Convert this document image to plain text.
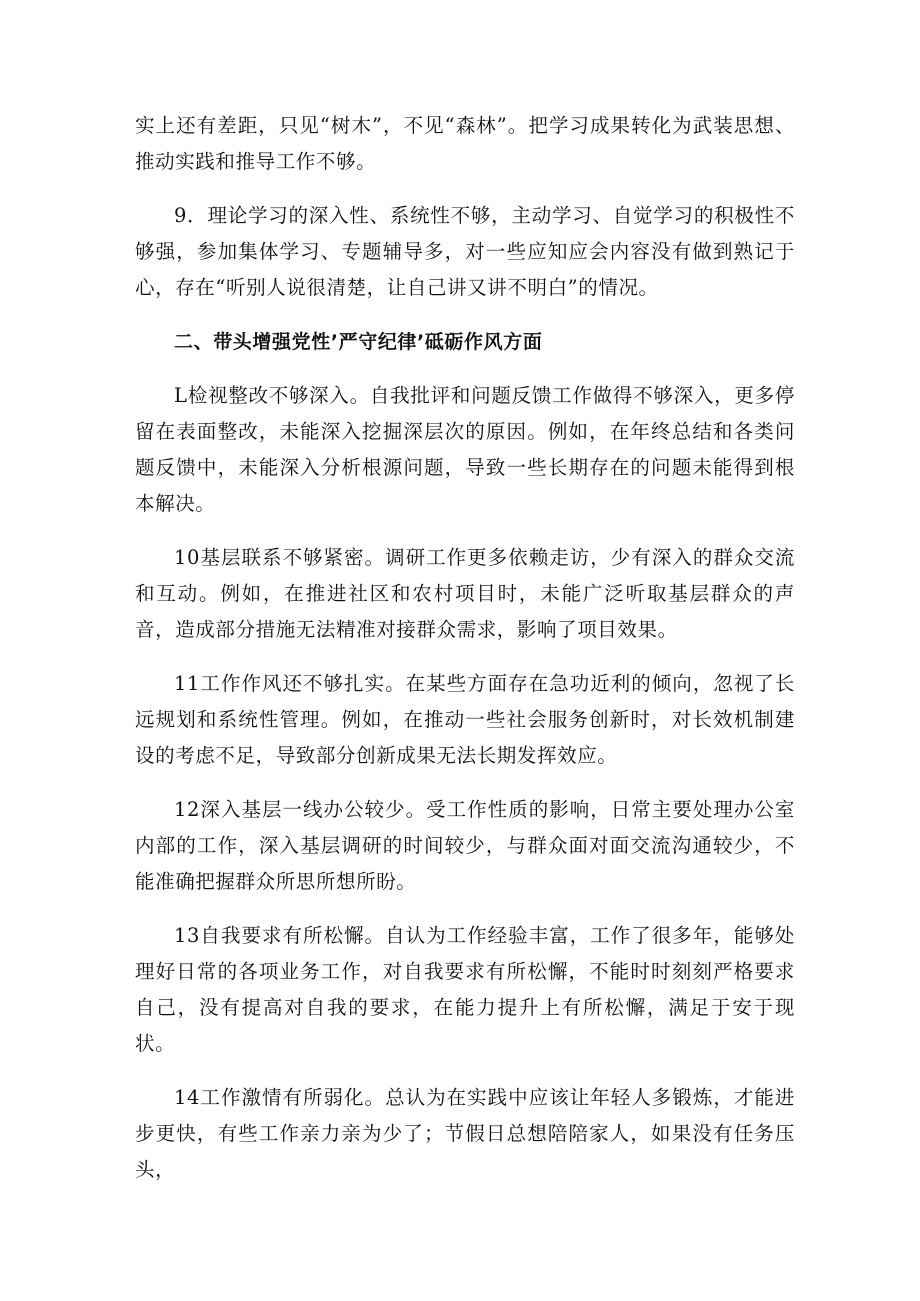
实上还有差距，只见“树木”，不见“森林”。把学习成果转化为武装思想、推动实践和推导工作不够。

9．理论学习的深入性、系统性不够，主动学习、自觉学习的积极性不够强，参加集体学习、专题辅导多，对一些应知应会内容没有做到熟记于心，存在“听别人说很清楚，让自己讲又讲不明白”的情况。

二、带头增强党性’严守纪律’砥砺作风方面

L检视整改不够深入。自我批评和问题反馈工作做得不够深入，更多停留在表面整改，未能深入挖掘深层次的原因。例如，在年终总结和各类问题反馈中，未能深入分析根源问题，导致一些长期存在的问题未能得到根本解决。

10基层联系不够紧密。调研工作更多依赖走访，少有深入的群众交流和互动。例如，在推进社区和农村项目时，未能广泛听取基层群众的声音，造成部分措施无法精准对接群众需求，影响了项目效果。

11工作作风还不够扎实。在某些方面存在急功近利的倾向，忽视了长远规划和系统性管理。例如，在推动一些社会服务创新时，对长效机制建设的考虑不足，导致部分创新成果无法长期发挥效应。

12深入基层一线办公较少。受工作性质的影响，日常主要处理办公室内部的工作，深入基层调研的时间较少，与群众面对面交流沟通较少，不能准确把握群众所思所想所盼。

13自我要求有所松懈。自认为工作经验丰富，工作了很多年，能够处理好日常的各项业务工作，对自我要求有所松懈，不能时时刻刻严格要求自己，没有提高对自我的要求，在能力提升上有所松懈，满足于安于现状。

14工作激情有所弱化。总认为在实践中应该让年轻人多锻炼，才能进步更快，有些工作亲力亲为少了；节假日总想陪陪家人，如果没有任务压头，
